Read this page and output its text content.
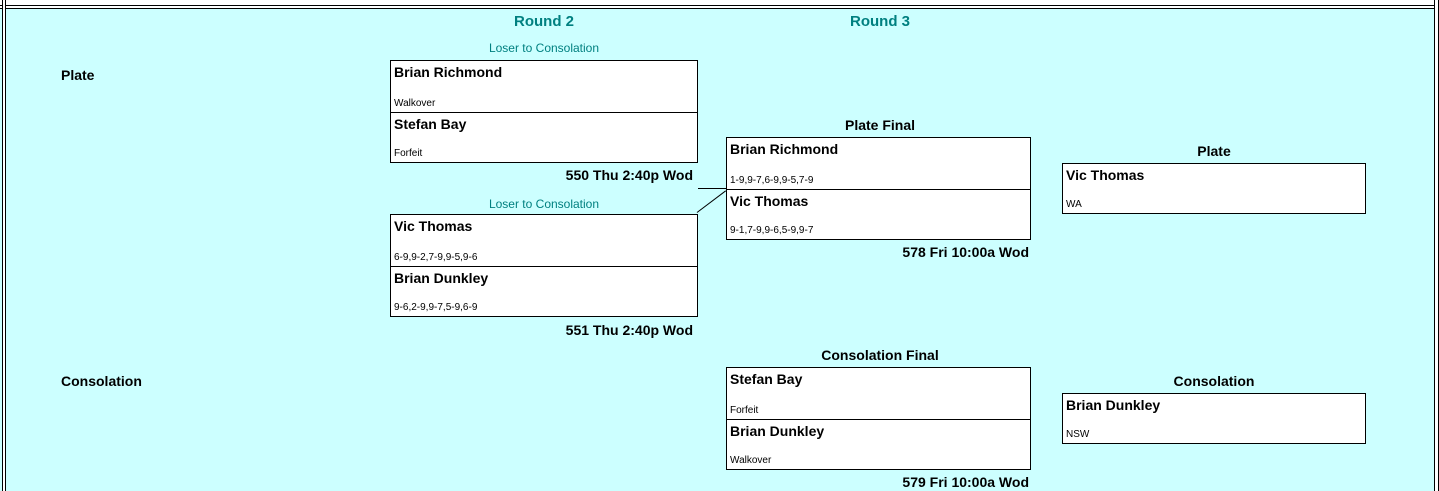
Round 2	Round 3
Plate
Consolation
Loser to Consolation
Brian Richmond
Walkover
Stefan Bay
Forfeit
550 Thu 2:40p Wod
Loser to Consolation
Vic Thomas
6-9,9-2,7-9,9-5,9-6
Brian Dunkley
9-6,2-9,9-7,5-9,6-9
551 Thu 2:40p Wod
Plate Final
Brian Richmond
1-9,9-7,6-9,9-5,7-9
Vic Thomas
9-1,7-9,9-6,5-9,9-7
578 Fri 10:00a Wod
Plate
Vic Thomas
WA
Consolation Final
Stefan Bay
Forfeit
Brian Dunkley
Walkover
579 Fri 10:00a Wod
Consolation
Brian Dunkley
NSW
